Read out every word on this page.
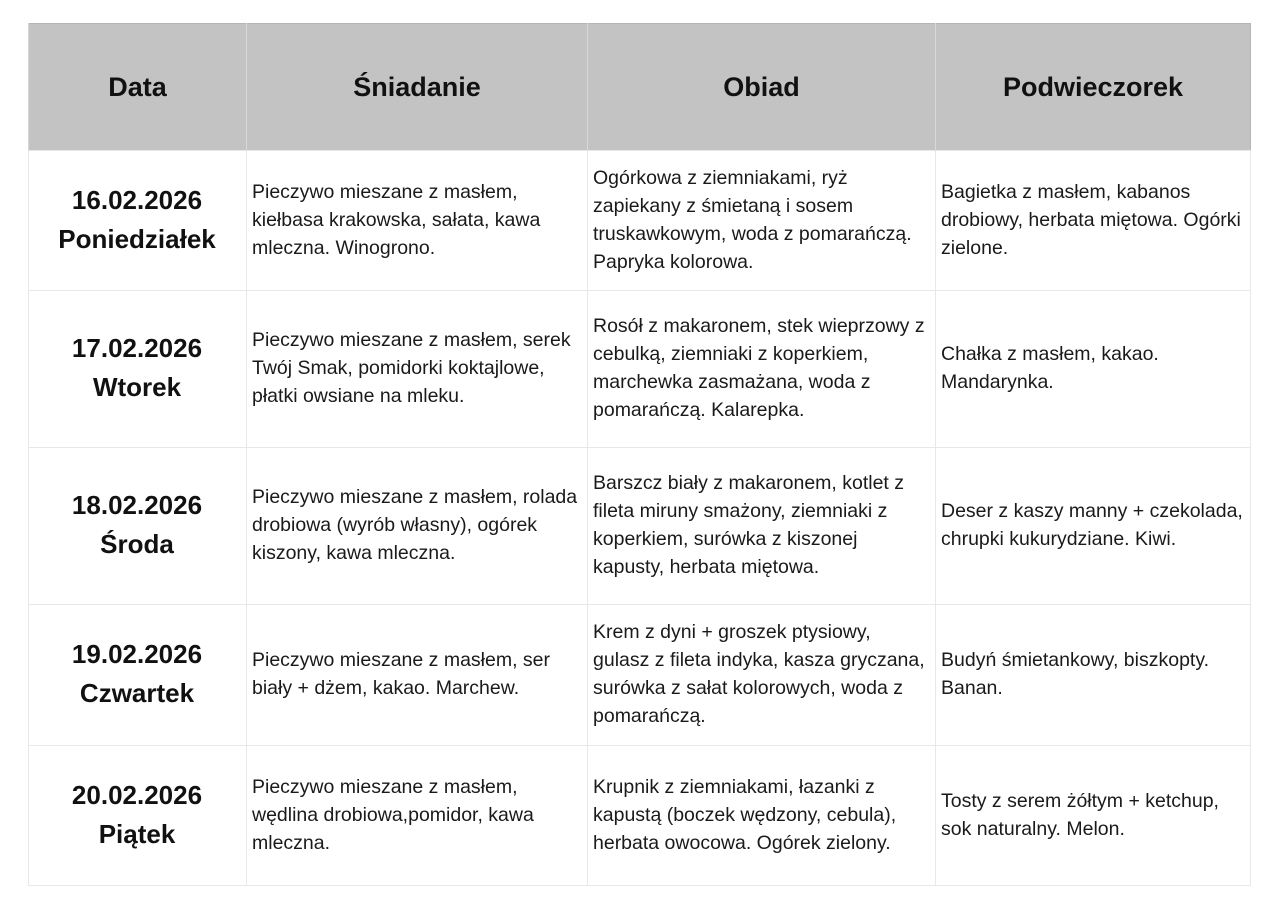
Data	Śniadanie	Obiad	Podwieczorek

16.02.2026
Poniedziałek	Pieczywo mieszane z masłem, kiełbasa krakowska, sałata, kawa mleczna. Winogrono.	Ogórkowa z ziemniakami, ryż zapiekany z śmietaną i sosem truskawkowym, woda z pomarańczą. Papryka kolorowa.	Bagietka z masłem, kabanos drobiowy, herbata miętowa. Ogórki zielone.

17.02.2026
Wtorek	Pieczywo mieszane z masłem, serek Twój Smak, pomidorki koktajlowe, płatki owsiane na mleku.	Rosół z makaronem, stek wieprzowy z cebulką, ziemniaki z koperkiem, marchewka zasmażana, woda z pomarańczą. Kalarepka.	Chałka z masłem, kakao. Mandarynka.

18.02.2026
Środa	Pieczywo mieszane z masłem, rolada drobiowa (wyrób własny), ogórek kiszony, kawa mleczna.	Barszcz biały z makaronem, kotlet z fileta miruny smażony, ziemniaki z koperkiem, surówka z kiszonej kapusty, herbata miętowa.	Deser z kaszy manny + czekolada, chrupki kukurydziane. Kiwi.

19.02.2026
Czwartek	Pieczywo mieszane z masłem, ser biały + dżem, kakao. Marchew.	Krem z dyni + groszek ptysiowy, gulasz z fileta indyka, kasza gryczana, surówka z sałat kolorowych, woda z pomarańczą.	Budyń śmietankowy, biszkopty. Banan.

20.02.2026
Piątek	Pieczywo mieszane z masłem, wędlina drobiowa,pomidor, kawa mleczna.	Krupnik z ziemniakami, łazanki z kapustą (boczek wędzony, cebula), herbata owocowa. Ogórek zielony.	Tosty z serem żółtym + ketchup, sok naturalny. Melon.
